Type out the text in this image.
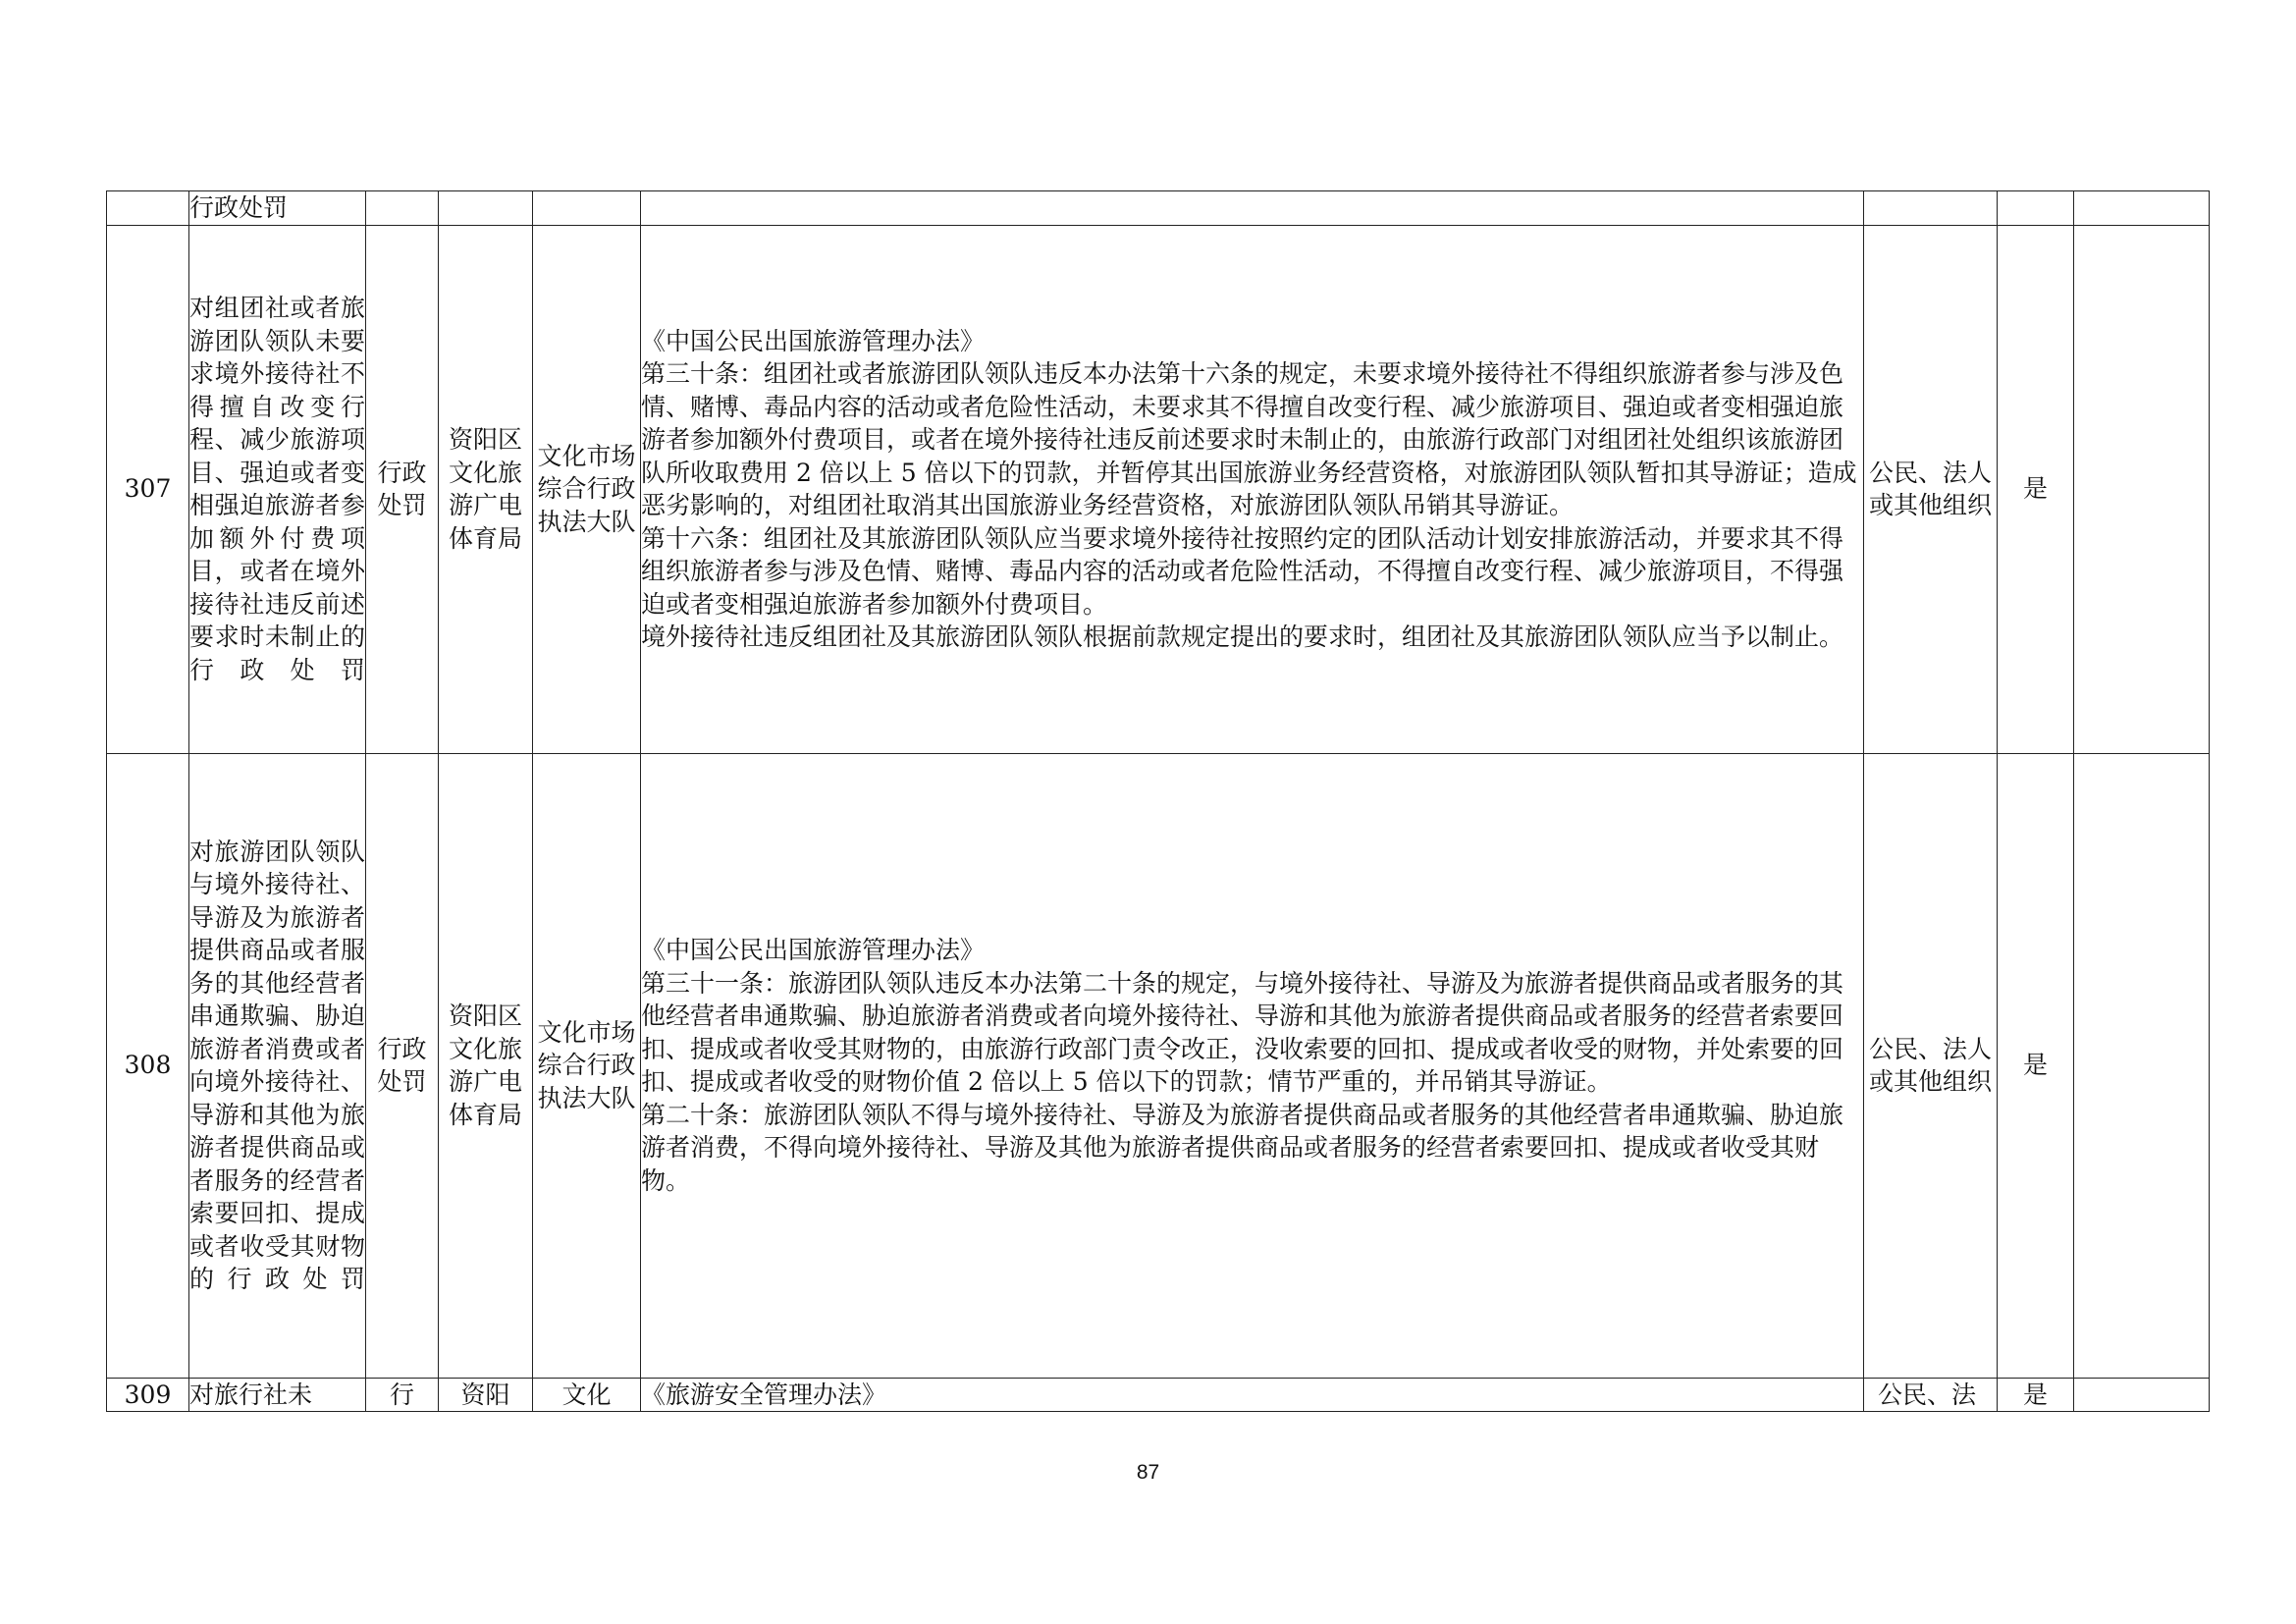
	行政处罚							
307	对组团社或者旅游团队领队未要求境外接待社不得擅自改变行程、减少旅游项目、强迫或者变相强迫旅游者参加额外付费项目，或者在境外接待社违反前述要求时未制止的行政处罚	行政处罚	资阳区文化旅游广电体育局	文化市场综合行政执法大队	《中国公民出国旅游管理办法》

第三十条：组团社或者旅游团队领队违反本办法第十六条的规定，未要求境外接待社不得组织旅游者参与涉及色情、赌博、毒品内容的活动或者危险性活动，未要求其不得擅自改变行程、减少旅游项目、强迫或者变相强迫旅游者参加额外付费项目，或者在境外接待社违反前述要求时未制止的，由旅游行政部门对组团社处组织该旅游团队所收取费用 2 倍以上 5 倍以下的罚款，并暂停其出国旅游业务经营资格，对旅游团队领队暂扣其导游证；造成恶劣影响的，对组团社取消其出国旅游业务经营资格，对旅游团队领队吊销其导游证。

第十六条：组团社及其旅游团队领队应当要求境外接待社按照约定的团队活动计划安排旅游活动，并要求其不得组织旅游者参与涉及色情、赌博、毒品内容的活动或者危险性活动，不得擅自改变行程、减少旅游项目，不得强迫或者变相强迫旅游者参加额外付费项目。

境外接待社违反组团社及其旅游团队领队根据前款规定提出的要求时，组团社及其旅游团队领队应当予以制止。	公民、法人或其他组织	是	
308	对旅游团队领队与境外接待社、导游及为旅游者提供商品或者服务的其他经营者串通欺骗、胁迫旅游者消费或者向境外接待社、导游和其他为旅游者提供商品或者服务的经营者索要回扣、提成或者收受其财物的行政处罚	行政处罚	资阳区文化旅游广电体育局	文化市场综合行政执法大队	《中国公民出国旅游管理办法》

第三十一条：旅游团队领队违反本办法第二十条的规定，与境外接待社、导游及为旅游者提供商品或者服务的其他经营者串通欺骗、胁迫旅游者消费或者向境外接待社、导游和其他为旅游者提供商品或者服务的经营者索要回扣、提成或者收受其财物的，由旅游行政部门责令改正，没收索要的回扣、提成或者收受的财物，并处索要的回扣、提成或者收受的财物价值 2 倍以上 5 倍以下的罚款；情节严重的，并吊销其导游证。

第二十条：旅游团队领队不得与境外接待社、导游及为旅游者提供商品或者服务的其他经营者串通欺骗、胁迫旅游者消费，不得向境外接待社、导游及其他为旅游者提供商品或者服务的经营者索要回扣、提成或者收受其财物。	公民、法人或其他组织	是	
309	对旅行社未	行	资阳	文化	《旅游安全管理办法》	公民、法	是	
87
